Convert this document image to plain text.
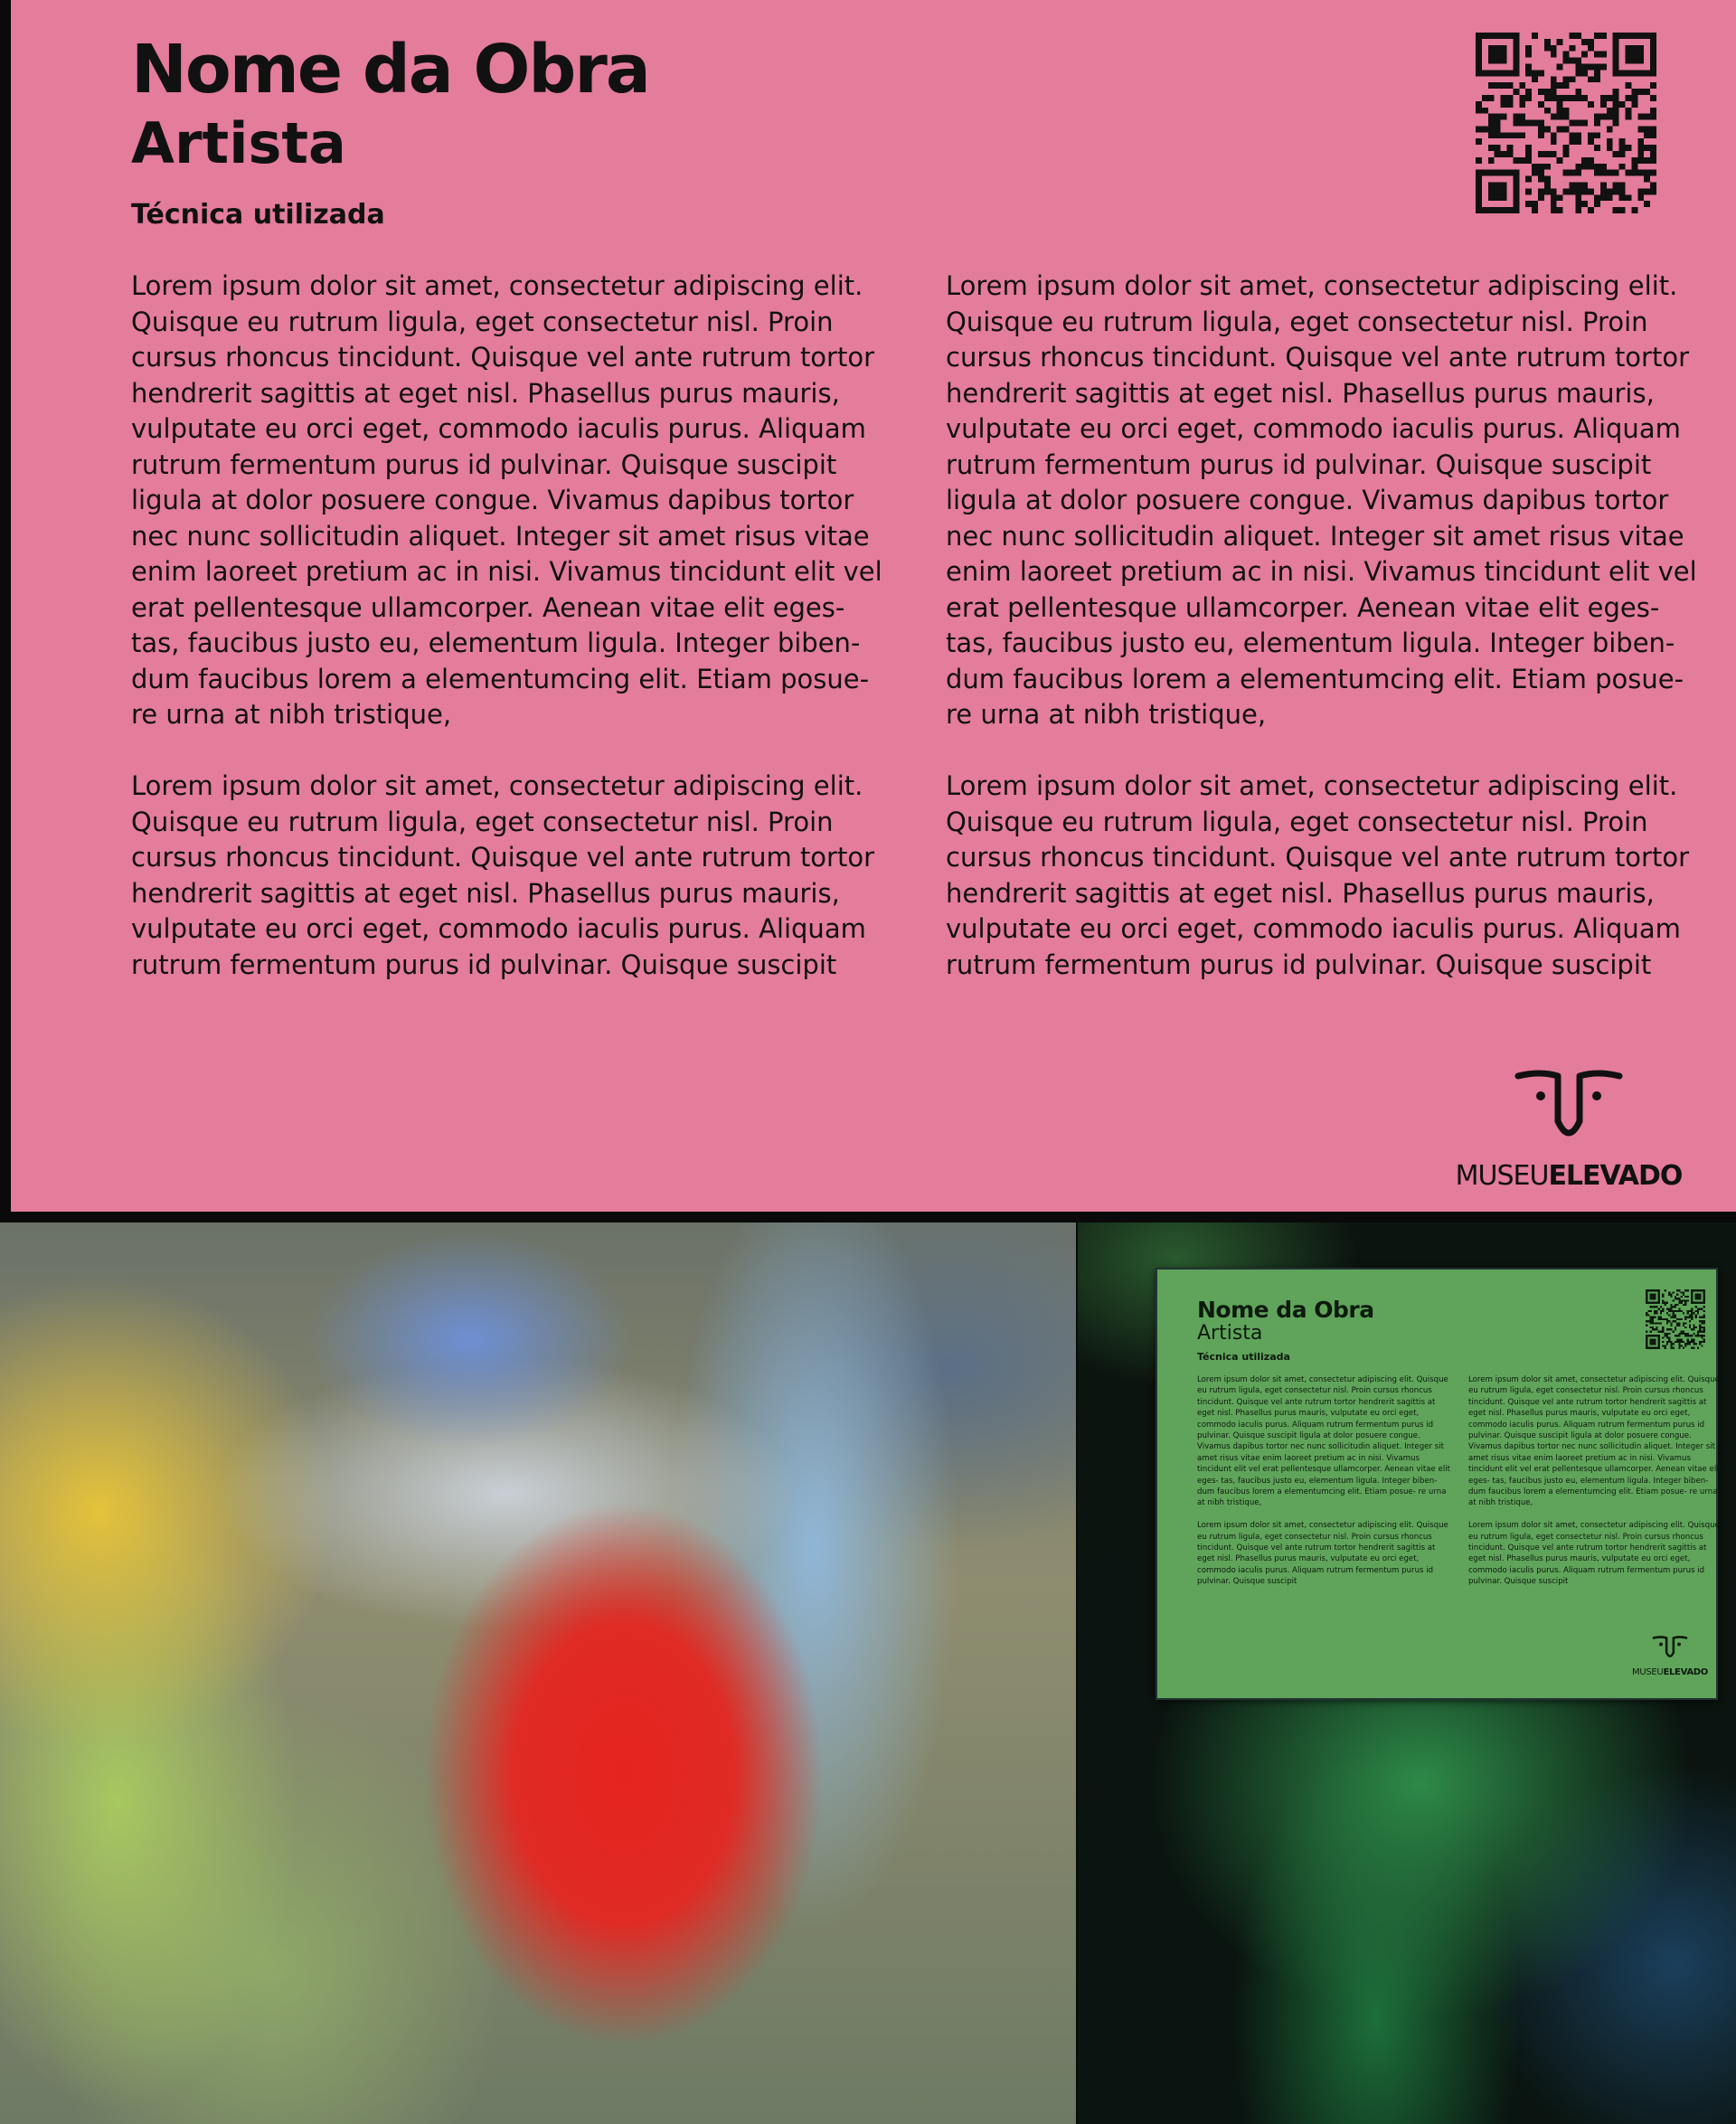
Nome da Obra
Artista
Técnica utilizada

Lorem ipsum dolor sit amet, consectetur adipiscing elit. Quisque eu rutrum ligula, eget consectetur nisl. Proin cursus rhoncus tincidunt. Quisque vel ante rutrum tortor hendrerit sagittis at eget nisl. Phasellus purus mauris, vulputate eu orci eget, commodo iaculis purus. Aliquam rutrum fermentum purus id pulvinar. Quisque suscipit ligula at dolor posuere congue. Vivamus dapibus tortor nec nunc sollicitudin aliquet. Integer sit amet risus vitae enim laoreet pretium ac in nisi. Vivamus tincidunt elit vel erat pellentesque ullamcorper. Aenean vitae elit eges- tas, faucibus justo eu, elementum ligula. Integer biben- dum faucibus lorem a elementumcing elit. Etiam posue- re urna at nibh tristique,

Lorem ipsum dolor sit amet, consectetur adipiscing elit. Quisque eu rutrum ligula, eget consectetur nisl. Proin cursus rhoncus tincidunt. Quisque vel ante rutrum tortor hendrerit sagittis at eget nisl. Phasellus purus mauris, vulputate eu orci eget, commodo iaculis purus. Aliquam rutrum fermentum purus id pulvinar. Quisque suscipit

Lorem ipsum dolor sit amet, consectetur adipiscing elit. Quisque eu rutrum ligula, eget consectetur nisl. Proin cursus rhoncus tincidunt. Quisque vel ante rutrum tortor hendrerit sagittis at eget nisl. Phasellus purus mauris, vulputate eu orci eget, commodo iaculis purus. Aliquam rutrum fermentum purus id pulvinar. Quisque suscipit ligula at dolor posuere congue. Vivamus dapibus tortor nec nunc sollicitudin aliquet. Integer sit amet risus vitae enim laoreet pretium ac in nisi. Vivamus tincidunt elit vel erat pellentesque ullamcorper. Aenean vitae elit eges- tas, faucibus justo eu, elementum ligula. Integer biben- dum faucibus lorem a elementumcing elit. Etiam posue- re urna at nibh tristique,

Lorem ipsum dolor sit amet, consectetur adipiscing elit. Quisque eu rutrum ligula, eget consectetur nisl. Proin cursus rhoncus tincidunt. Quisque vel ante rutrum tortor hendrerit sagittis at eget nisl. Phasellus purus mauris, vulputate eu orci eget, commodo iaculis purus. Aliquam rutrum fermentum purus id pulvinar. Quisque suscipit

MUSEUELEVADO
Nome da Obra
Artista
Técnica utilizada

Lorem ipsum dolor sit amet, consectetur adipiscing elit. Quisque eu rutrum ligula, eget consectetur nisl. Proin cursus rhoncus tincidunt. Quisque vel ante rutrum tortor hendrerit sagittis at eget nisl. Phasellus purus mauris, vulputate eu orci eget, commodo iaculis purus. Aliquam rutrum fermentum purus id pulvinar. Quisque suscipit ligula at dolor posuere congue. Vivamus dapibus tortor nec nunc sollicitudin aliquet. Integer sit amet risus vitae enim laoreet pretium ac in nisi. Vivamus tincidunt elit vel erat pellentesque ullamcorper. Aenean vitae elit eges- tas, faucibus justo eu, elementum ligula. Integer biben- dum faucibus lorem a elementumcing elit. Etiam posue- re urna at nibh tristique,

Lorem ipsum dolor sit amet, consectetur adipiscing elit. Quisque eu rutrum ligula, eget consectetur nisl. Proin cursus rhoncus tincidunt. Quisque vel ante rutrum tortor hendrerit sagittis at eget nisl. Phasellus purus mauris, vulputate eu orci eget, commodo iaculis purus. Aliquam rutrum fermentum purus id pulvinar. Quisque suscipit

Lorem ipsum dolor sit amet, consectetur adipiscing elit. Quisque eu rutrum ligula, eget consectetur nisl. Proin cursus rhoncus tincidunt. Quisque vel ante rutrum tortor hendrerit sagittis at eget nisl. Phasellus purus mauris, vulputate eu orci eget, commodo iaculis purus. Aliquam rutrum fermentum purus id pulvinar. Quisque suscipit ligula at dolor posuere congue. Vivamus dapibus tortor nec nunc sollicitudin aliquet. Integer sit amet risus vitae enim laoreet pretium ac in nisi. Vivamus tincidunt elit vel erat pellentesque ullamcorper. Aenean vitae elit eges- tas, faucibus justo eu, elementum ligula. Integer biben- dum faucibus lorem a elementumcing elit. Etiam posue- re urna at nibh tristique,

Lorem ipsum dolor sit amet, consectetur adipiscing elit. Quisque eu rutrum ligula, eget consectetur nisl. Proin cursus rhoncus tincidunt. Quisque vel ante rutrum tortor hendrerit sagittis at eget nisl. Phasellus purus mauris, vulputate eu orci eget, commodo iaculis purus. Aliquam rutrum fermentum purus id pulvinar. Quisque suscipit

MUSEUELEVADO
